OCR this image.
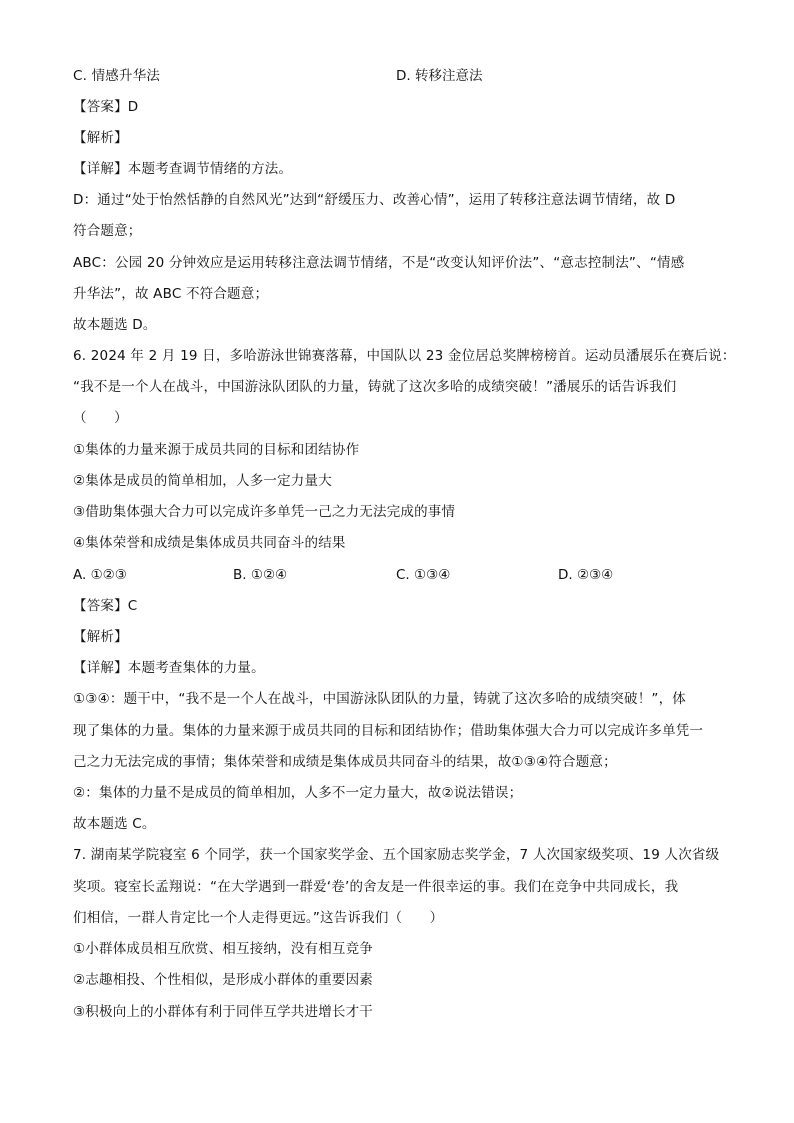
C. 情感升华法	D. 转移注意法
【答案】D
【解析】
【详解】本题考查调节情绪的方法。
D：通过“处于怡然恬静的自然风光”达到“舒缓压力、改善心情”，运用了转移注意法调节情绪，故 D
符合题意；
ABC：公园 20 分钟效应是运用转移注意法调节情绪，不是“改变认知评价法”、“意志控制法”、“情感
升华法”，故 ABC 不符合题意；
故本题选 D。
6. 2024 年 2 月 19 日，多哈游泳世锦赛落幕，中国队以 23 金位居总奖牌榜榜首。运动员潘展乐在赛后说：
“我不是一个人在战斗，中国游泳队团队的力量，铸就了这次多哈的成绩突破！”潘展乐的话告诉我们
（　　）
①集体的力量来源于成员共同的目标和团结协作
②集体是成员的简单相加，人多一定力量大
③借助集体强大合力可以完成许多单凭一己之力无法完成的事情
④集体荣誉和成绩是集体成员共同奋斗的结果
A. ①②③	B. ①②④	C. ①③④	D. ②③④
【答案】C
【解析】
【详解】本题考查集体的力量。
①③④：题干中，“我不是一个人在战斗，中国游泳队团队的力量，铸就了这次多哈的成绩突破！”，体
现了集体的力量。集体的力量来源于成员共同的目标和团结协作；借助集体强大合力可以完成许多单凭一
己之力无法完成的事情；集体荣誉和成绩是集体成员共同奋斗的结果，故①③④符合题意；
②：集体的力量不是成员的简单相加，人多不一定力量大，故②说法错误；
故本题选 C。
7. 湖南某学院寝室 6 个同学，获一个国家奖学金、五个国家励志奖学金，7 人次国家级奖项、19 人次省级
奖项。寝室长孟翔说：“在大学遇到一群爱‘卷’的舍友是一件很幸运的事。我们在竞争中共同成长，我
们相信，一群人肯定比一个人走得更远。”这告诉我们（　　）
①小群体成员相互欣赏、相互接纳，没有相互竞争
②志趣相投、个性相似，是形成小群体的重要因素
③积极向上的小群体有利于同伴互学共进增长才干
